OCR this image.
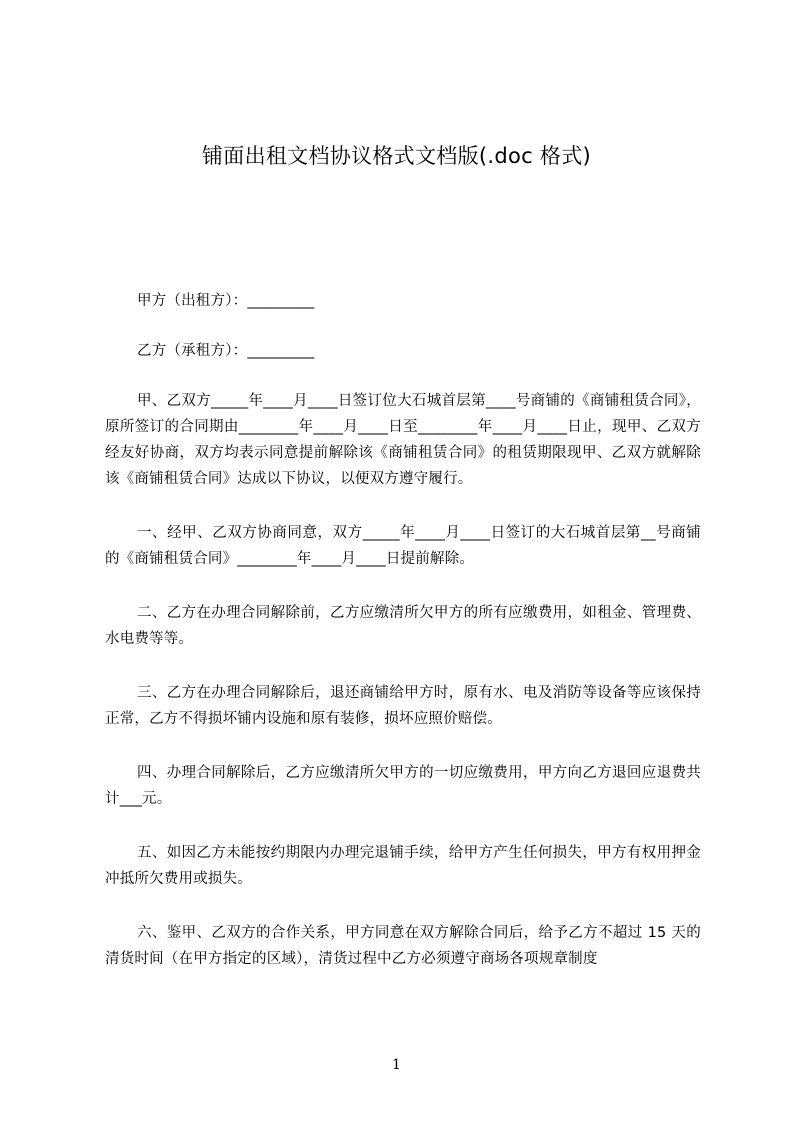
铺面出租文档协议格式文档版(.doc 格式)

甲方（出租方）：_________

乙方（承租方）：_________

甲、乙双方_____年____月____日签订位大石城首层第____号商铺的《商铺租赁合同》，原所签订的合同期由________年____月____日至________年____月____日止，现甲、乙双方经友好协商，双方均表示同意提前解除该《商铺租赁合同》的租赁期限现甲、乙双方就解除该《商铺租赁合同》达成以下协议，以便双方遵守履行。

一、经甲、乙双方协商同意，双方_____年____月____日签订的大石城首层第__号商铺的《商铺租赁合同》________年____月____日提前解除。

二、乙方在办理合同解除前，乙方应缴清所欠甲方的所有应缴费用，如租金、管理费、水电费等等。

三、乙方在办理合同解除后，退还商铺给甲方时，原有水、电及消防等设备等应该保持正常，乙方不得损坏铺内设施和原有装修，损坏应照价赔偿。

四、办理合同解除后，乙方应缴清所欠甲方的一切应缴费用，甲方向乙方退回应退费共计___元。

五、如因乙方未能按约期限内办理完退铺手续，给甲方产生任何损失，甲方有权用押金冲抵所欠费用或损失。

六、鉴甲、乙双方的合作关系，甲方同意在双方解除合同后，给予乙方不超过 15 天的清货时间（在甲方指定的区域），清货过程中乙方必须遵守商场各项规章制度

1
